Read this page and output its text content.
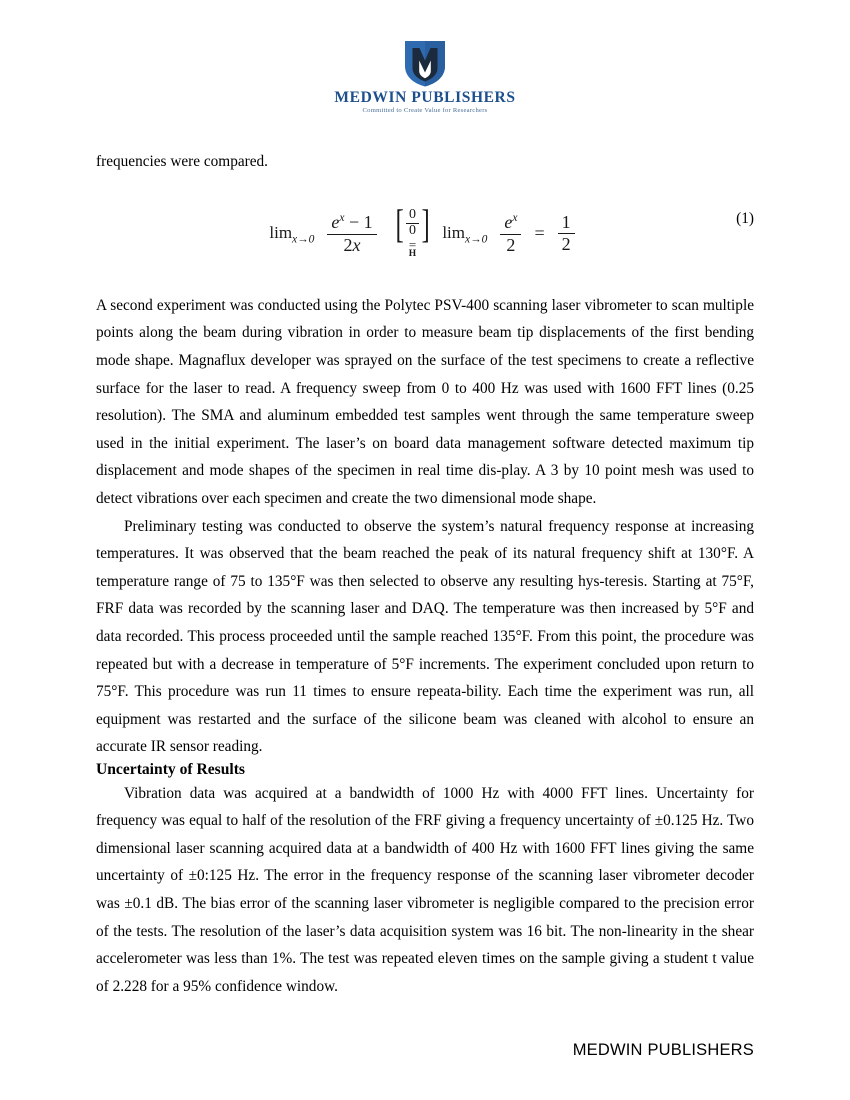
MEDWIN PUBLISHERS
Committed to Create Value for Researchers

frequencies were compared.

$\lim_{x\to 0} \frac{e^x - 1}{2x}$ [ $\frac{0}{0}$ ]
=
H
$\lim_{x\to 0} \frac{e^x}{2} = \frac{1}{2}$	(1)

A second experiment was conducted using the Polytec PSV-400 scanning laser vibrometer to scan multiple points along the beam during vibration in order to measure beam tip displacements of the first bending mode shape. Magnaflux developer was sprayed on the surface of the test specimens to create a reflective surface for the laser to read. A frequency sweep from 0 to 400 Hz was used with 1600 FFT lines (0.25 resolution). The SMA and aluminum embedded test samples went through the same temperature sweep used in the initial experiment. The laser’s on board data management software detected maximum tip displacement and mode shapes of the specimen in real time dis-play. A 3 by 10 point mesh was used to detect vibrations over each specimen and create the two dimensional mode shape.

Preliminary testing was conducted to observe the system’s natural frequency response at increasing temperatures. It was observed that the beam reached the peak of its natural frequency shift at 130°F. A temperature range of 75 to 135°F was then selected to observe any resulting hys-teresis. Starting at 75°F, FRF data was recorded by the scanning laser and DAQ. The temperature was then increased by 5°F and data recorded. This process proceeded until the sample reached 135°F. From this point, the procedure was repeated but with a decrease in temperature of 5°F increments. The experiment concluded upon return to 75°F. This procedure was run 11 times to ensure repeata-bility. Each time the experiment was run, all equipment was restarted and the surface of the silicone beam was cleaned with alcohol to ensure an accurate IR sensor reading.

Uncertainty of Results

Vibration data was acquired at a bandwidth of 1000 Hz with 4000 FFT lines. Uncertainty for frequency was equal to half of the resolution of the FRF giving a frequency uncertainty of ±0.125 Hz. Two dimensional laser scanning acquired data at a bandwidth of 400 Hz with 1600 FFT lines giving the same uncertainty of ±0:125 Hz. The error in the frequency response of the scanning laser vibrometer decoder was ±0.1 dB. The bias error of the scanning laser vibrometer is negligible compared to the precision error of the tests. The resolution of the laser’s data acquisition system was 16 bit. The non-linearity in the shear accelerometer was less than 1%. The test was repeated eleven times on the sample giving a student t value of 2.228 for a 95% confidence window.

MEDWIN PUBLISHERS
